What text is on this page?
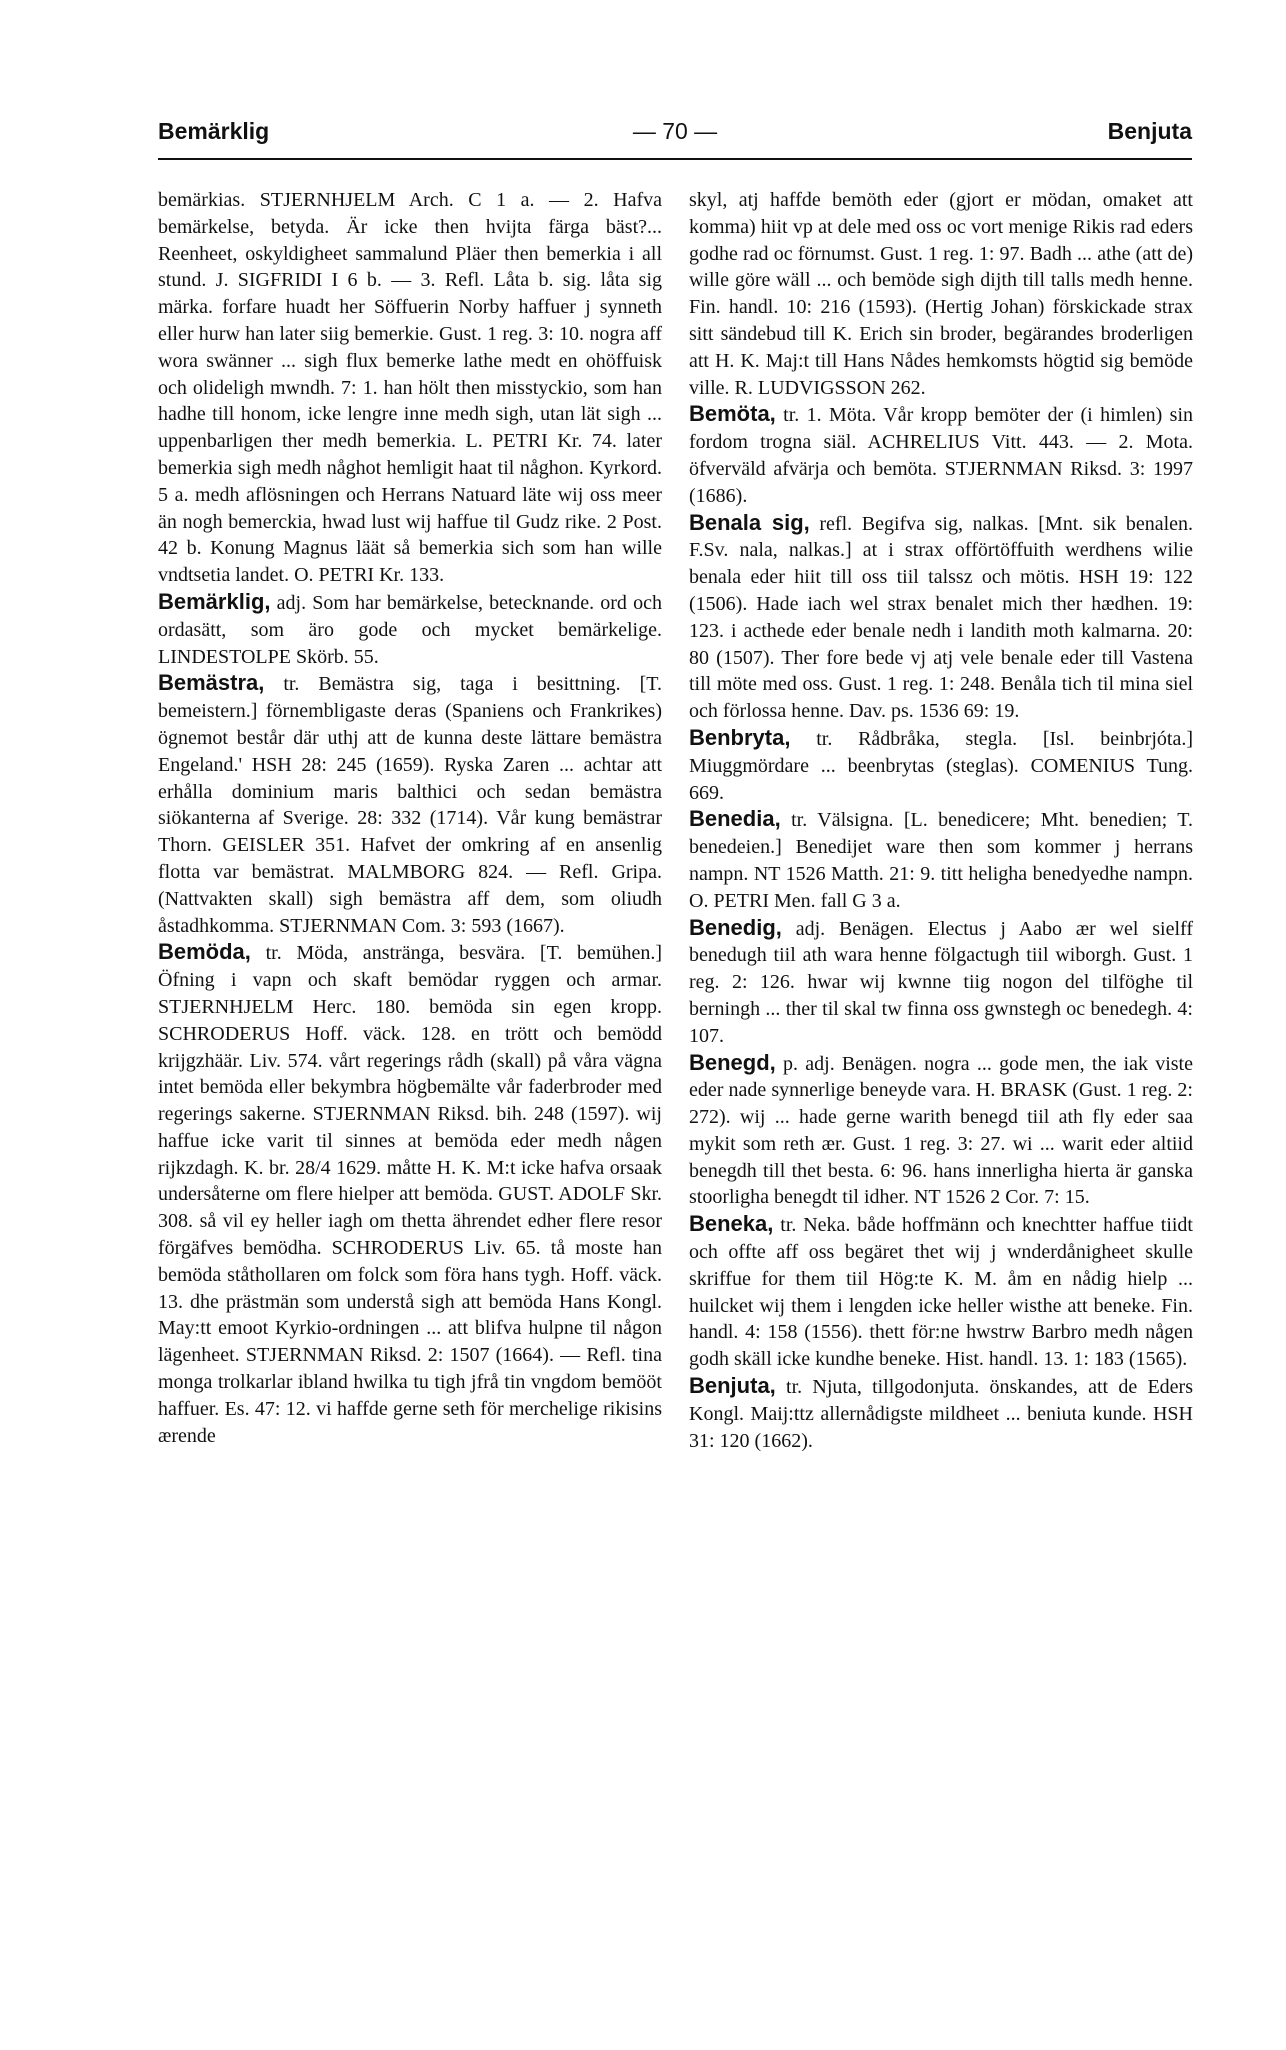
Bemärklig	— 70 —	Benjuta

bemärkias. STJERNHJELM Arch. C 1 a. — 2. Hafva bemärkelse, betyda. Är icke then hvijta färga bäst?... Reenheet, oskyldigheet sammalund Pläer then bemerkia i all stund. J. SIGFRIDI I 6 b. — 3. Refl. Låta b. sig. låta sig märka. forfare huadt her Söffuerin Norby haffuer j synneth eller hurw han later siig bemerkie. Gust. 1 reg. 3: 10. nogra aff wora swänner ... sigh flux bemerke lathe medt en ohöffuisk och olideligh mwndh. 7: 1. han hölt then misstyckio, som han hadhe till honom, icke lengre inne medh sigh, utan lät sigh ... uppenbarligen ther medh bemerkia. L. PETRI Kr. 74. later bemerkia sigh medh någhot hemligit haat til någhon. Kyrkord. 5 a. medh aflösningen och Herrans Natuard läte wij oss meer än nogh bemerckia, hwad lust wij haffue til Gudz rike. 2 Post. 42 b. Konung Magnus läät så bemerkia sich som han wille vndtsetia landet. O. PETRI Kr. 133.

Bemärklig, adj. Som har bemärkelse, betecknande. ord och ordasätt, som äro gode och mycket bemärkelige. LINDESTOLPE Skörb. 55.

Bemästra, tr. Bemästra sig, taga i besittning. [T. bemeistern.] förnembligaste deras (Spaniens och Frankrikes) ögnemot består där uthj att de kunna deste lättare bemästra Engeland.' HSH 28: 245 (1659). Ryska Zaren ... achtar att erhålla dominium maris balthici och sedan bemästra siökanterna af Sverige. 28: 332 (1714). Vår kung bemästrar Thorn. GEISLER 351. Hafvet der omkring af en ansenlig flotta var bemästrat. MALMBORG 824. — Refl. Gripa. (Nattvakten skall) sigh bemästra aff dem, som oliudh åstadhkomma. STJERNMAN Com. 3: 593 (1667).

Bemöda, tr. Möda, anstränga, besvära. [T. bemühen.] Öfning i vapn och skaft bemödar ryggen och armar. STJERNHJELM Herc. 180. bemöda sin egen kropp. SCHRODERUS Hoff. väck. 128. en trött och bemödd krijgzhäär. Liv. 574. vårt regerings rådh (skall) på våra vägna intet bemöda eller bekymbra högbemälte vår faderbroder med regerings sakerne. STJERNMAN Riksd. bih. 248 (1597). wij haffue icke varit til sinnes at bemöda eder medh någen rijkzdagh. K. br. 28/4 1629. måtte H. K. M:t icke hafva orsaak undersåterne om flere hielper att bemöda. GUST. ADOLF Skr. 308. så vil ey heller iagh om thetta ährendet edher flere resor förgäfves bemödha. SCHRODERUS Liv. 65. tå moste han bemöda ståthollaren om folck som föra hans tygh. Hoff. väck. 13. dhe prästmän som understå sigh att bemöda Hans Kongl. May:tt emoot Kyrkio-ordningen ... att blifva hulpne til någon lägenheet. STJERNMAN Riksd. 2: 1507 (1664). — Refl. tina monga trolkarlar ibland hwilka tu tigh jfrå tin vngdom bemööt haffuer. Es. 47: 12. vi haffde gerne seth för merchelige rikisins ærende

skyl, atj haffde bemöth eder (gjort er mödan, omaket att komma) hiit vp at dele med oss oc vort menige Rikis rad eders godhe rad oc förnumst. Gust. 1 reg. 1: 97. Badh ... athe (att de) wille göre wäll ... och bemöde sigh dijth till talls medh henne. Fin. handl. 10: 216 (1593). (Hertig Johan) förskickade strax sitt sändebud till K. Erich sin broder, begärandes broderligen att H. K. Maj:t till Hans Nådes hemkomsts högtid sig bemöde ville. R. LUDVIGSSON 262.

Bemöta, tr. 1. Möta. Vår kropp bemöter der (i himlen) sin fordom trogna siäl. ACHRELIUS Vitt. 443. — 2. Mota. öfverväld afvärja och bemöta. STJERNMAN Riksd. 3: 1997 (1686).

Benala sig, refl. Begifva sig, nalkas. [Mnt. sik benalen. F.Sv. nala, nalkas.] at i strax offörtöffuith werdhens wilie benala eder hiit till oss tiil talssz och mötis. HSH 19: 122 (1506). Hade iach wel strax benalet mich ther hædhen. 19: 123. i acthede eder benale nedh i landith moth kalmarna. 20: 80 (1507). Ther fore bede vj atj vele benale eder till Vastena till möte med oss. Gust. 1 reg. 1: 248. Benåla tich til mina siel och förlossa henne. Dav. ps. 1536 69: 19.

Benbryta, tr. Rådbråka, stegla. [Isl. beinbrjóta.] Miuggmördare ... beenbrytas (steglas). COMENIUS Tung. 669.

Benedia, tr. Välsigna. [L. benedicere; Mht. benedien; T. benedeien.] Benedijet ware then som kommer j herrans nampn. NT 1526 Matth. 21: 9. titt heligha benedyedhe nampn. O. PETRI Men. fall G 3 a.

Benedig, adj. Benägen. Electus j Aabo ær wel sielff benedugh tiil ath wara henne fölgactugh tiil wiborgh. Gust. 1 reg. 2: 126. hwar wij kwnne tiig nogon del tilföghe til berningh ... ther til skal tw finna oss gwnstegh oc benedegh. 4: 107.

Benegd, p. adj. Benägen. nogra ... gode men, the iak viste eder nade synnerlige beneyde vara. H. BRASK (Gust. 1 reg. 2: 272). wij ... hade gerne warith benegd tiil ath fly eder saa mykit som reth ær. Gust. 1 reg. 3: 27. wi ... warit eder altiid benegdh till thet besta. 6: 96. hans innerligha hierta är ganska stoorligha benegdt til idher. NT 1526 2 Cor. 7: 15.

Beneka, tr. Neka. både hoffmänn och knechtter haffue tiidt och offte aff oss begäret thet wij j wnderdånigheet skulle skriffue for them tiil Hög:te K. M. åm en nådig hielp ... huilcket wij them i lengden icke heller wisthe att beneke. Fin. handl. 4: 158 (1556). thett för:ne hwstrw Barbro medh någen godh skäll icke kundhe beneke. Hist. handl. 13. 1: 183 (1565).

Benjuta, tr. Njuta, tillgodonjuta. önskandes, att de Eders Kongl. Maij:ttz allernådigste mildheet ... beniuta kunde. HSH 31: 120 (1662).
